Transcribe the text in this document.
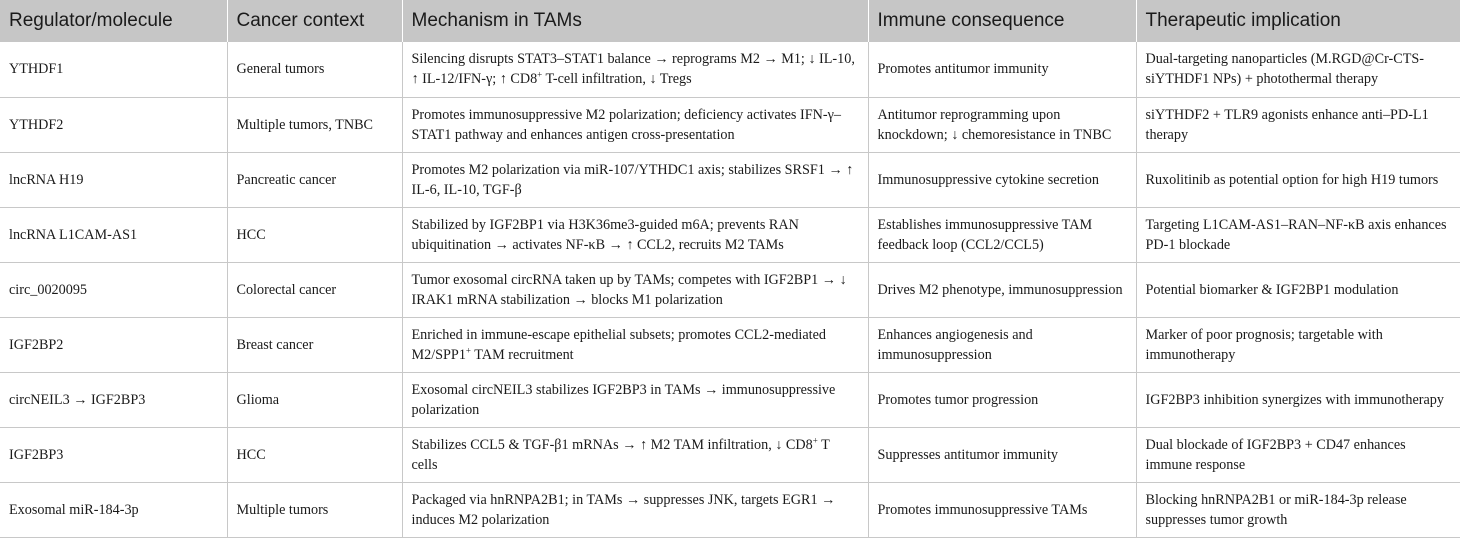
Regulator/molecule	Cancer context	Mechanism in TAMs	Immune consequence	Therapeutic implication
YTHDF1	General tumors	Silencing disrupts STAT3–STAT1 balance → reprograms M2 → M1; ↓ IL-10, ↑ IL-12/IFN-γ; ↑ CD8+ T-cell infiltration, ↓ Tregs	Promotes antitumor immunity	Dual-targeting nanoparticles (M.RGD@Cr-CTS-siYTHDF1 NPs) + photothermal therapy
YTHDF2	Multiple tumors, TNBC	Promotes immunosuppressive M2 polarization; deficiency activates IFN-γ–STAT1 pathway and enhances antigen cross-presentation	Antitumor reprogramming upon knockdown; ↓ chemoresistance in TNBC	siYTHDF2 + TLR9 agonists enhance anti–PD-L1 therapy
lncRNA H19	Pancreatic cancer	Promotes M2 polarization via miR-107/YTHDC1 axis; stabilizes SRSF1 → ↑ IL-6, IL-10, TGF-β	Immunosuppressive cytokine secretion	Ruxolitinib as potential option for high H19 tumors
lncRNA L1CAM-AS1	HCC	Stabilized by IGF2BP1 via H3K36me3-guided m6A; prevents RAN ubiquitination → activates NF-κB → ↑ CCL2, recruits M2 TAMs	Establishes immunosuppressive TAM feedback loop (CCL2/CCL5)	Targeting L1CAM-AS1–RAN–NF-κB axis enhances PD-1 blockade
circ_0020095	Colorectal cancer	Tumor exosomal circRNA taken up by TAMs; competes with IGF2BP1 → ↓ IRAK1 mRNA stabilization → blocks M1 polarization	Drives M2 phenotype, immunosuppression	Potential biomarker & IGF2BP1 modulation
IGF2BP2	Breast cancer	Enriched in immune-escape epithelial subsets; promotes CCL2-mediated M2/SPP1+ TAM recruitment	Enhances angiogenesis and immunosuppression	Marker of poor prognosis; targetable with immunotherapy
circNEIL3 → IGF2BP3	Glioma	Exosomal circNEIL3 stabilizes IGF2BP3 in TAMs → immunosuppressive polarization	Promotes tumor progression	IGF2BP3 inhibition synergizes with immunotherapy
IGF2BP3	HCC	Stabilizes CCL5 & TGF-β1 mRNAs → ↑ M2 TAM infiltration, ↓ CD8+ T cells	Suppresses antitumor immunity	Dual blockade of IGF2BP3 + CD47 enhances immune response
Exosomal miR-184-3p	Multiple tumors	Packaged via hnRNPA2B1; in TAMs → suppresses JNK, targets EGR1 → induces M2 polarization	Promotes immunosuppressive TAMs	Blocking hnRNPA2B1 or miR-184-3p release suppresses tumor growth
